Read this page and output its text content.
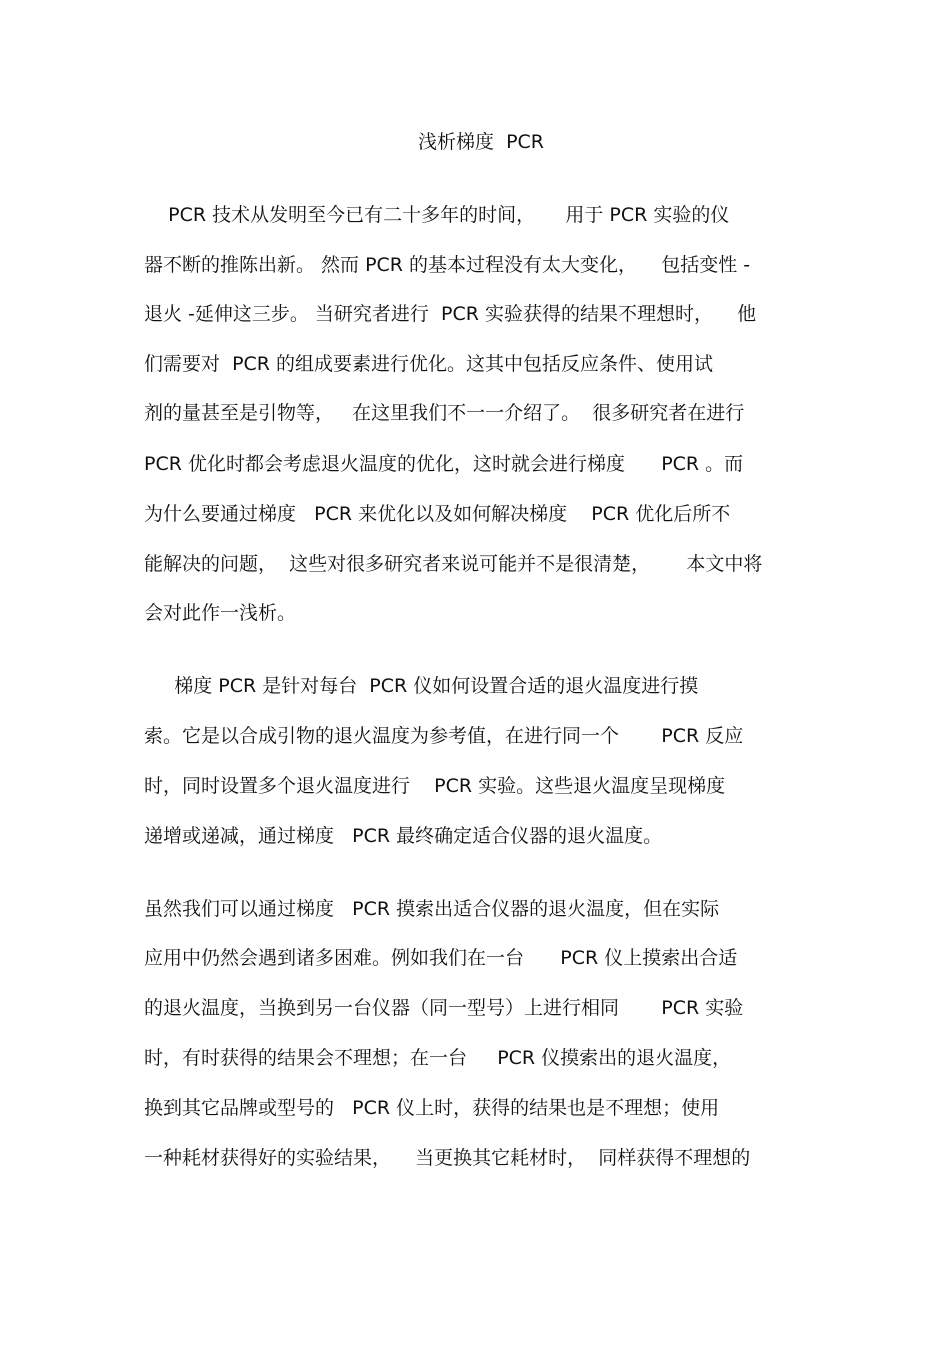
浅析梯度  PCR
PCR 技术从发明至今已有二十多年的时间，     用于 PCR 实验的仪
器不断的推陈出新。 然而 PCR 的基本过程没有太大变化，    包括变性 -
退火 -延伸这三步。 当研究者进行  PCR 实验获得的结果不理想时，    他
们需要对  PCR 的组成要素进行优化。这其中包括反应条件、使用试
剂的量甚至是引物等，   在这里我们不一一介绍了。  很多研究者在进行
PCR 优化时都会考虑退火温度的优化，这时就会进行梯度      PCR 。而
为什么要通过梯度   PCR 来优化以及如何解决梯度    PCR 优化后所不
能解决的问题，  这些对很多研究者来说可能并不是很清楚，      本文中将
会对此作一浅析。
梯度 PCR 是针对每台  PCR 仪如何设置合适的退火温度进行摸
索。它是以合成引物的退火温度为参考值，在进行同一个       PCR 反应
时，同时设置多个退火温度进行    PCR 实验。这些退火温度呈现梯度
递增或递减，通过梯度   PCR 最终确定适合仪器的退火温度。
虽然我们可以通过梯度   PCR 摸索出适合仪器的退火温度，但在实际
应用中仍然会遇到诸多困难。例如我们在一台      PCR 仪上摸索出合适
的退火温度，当换到另一台仪器（同一型号）上进行相同       PCR 实验
时，有时获得的结果会不理想；在一台     PCR 仪摸索出的退火温度，
换到其它品牌或型号的   PCR 仪上时，获得的结果也是不理想；使用
一种耗材获得好的实验结果，    当更换其它耗材时，  同样获得不理想的
